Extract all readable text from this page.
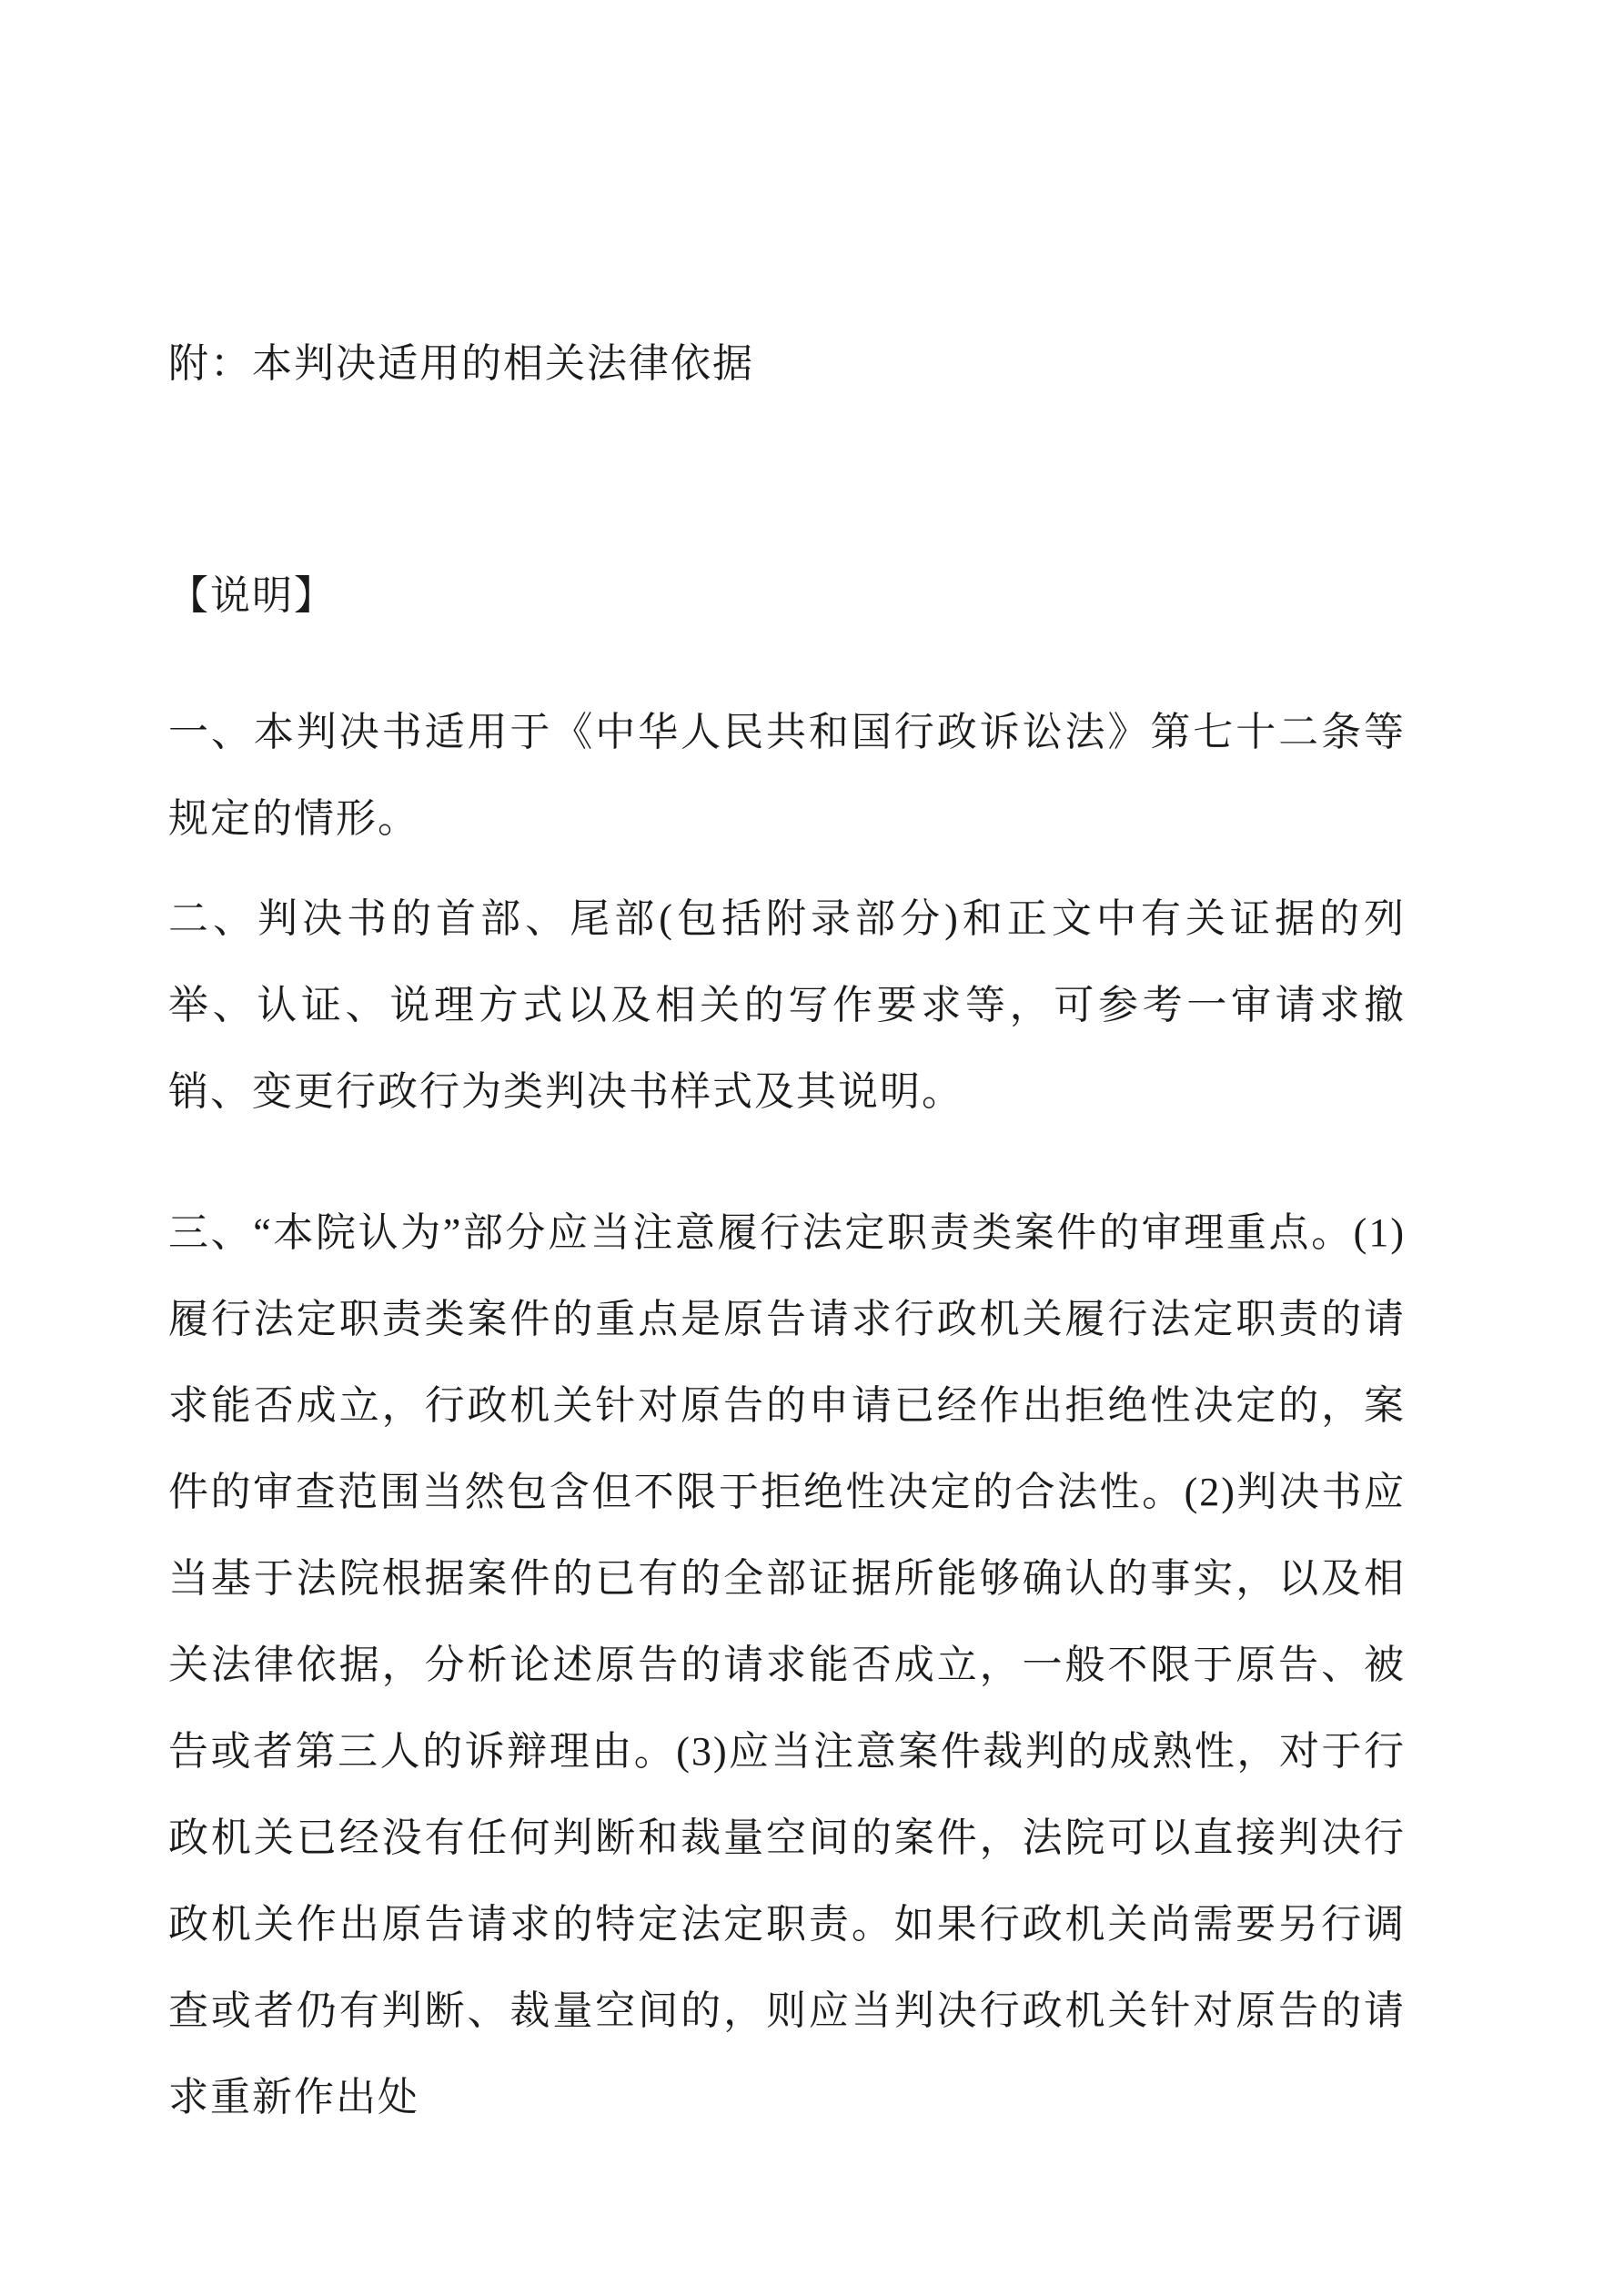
附：本判决适用的相关法律依据

【说明】

一、本判决书适用于《中华人民共和国行政诉讼法》第七十二条等规定的情形。

二、判决书的首部、尾部(包括附录部分)和正文中有关证据的列举、认证、说理方式以及相关的写作要求等，可参考一审请求撤销、变更行政行为类判决书样式及其说明。

三、“本院认为”部分应当注意履行法定职责类案件的审理重点。(1)履行法定职责类案件的重点是原告请求行政机关履行法定职责的请求能否成立，行政机关针对原告的申请已经作出拒绝性决定的，案件的审查范围当然包含但不限于拒绝性决定的合法性。(2)判决书应当基于法院根据案件的已有的全部证据所能够确认的事实，以及相关法律依据，分析论述原告的请求能否成立，一般不限于原告、被告或者第三人的诉辩理由。(3)应当注意案件裁判的成熟性，对于行政机关已经没有任何判断和裁量空间的案件，法院可以直接判决行政机关作出原告请求的特定法定职责。如果行政机关尚需要另行调查或者仍有判断、裁量空间的，则应当判决行政机关针对原告的请求重新作出处
